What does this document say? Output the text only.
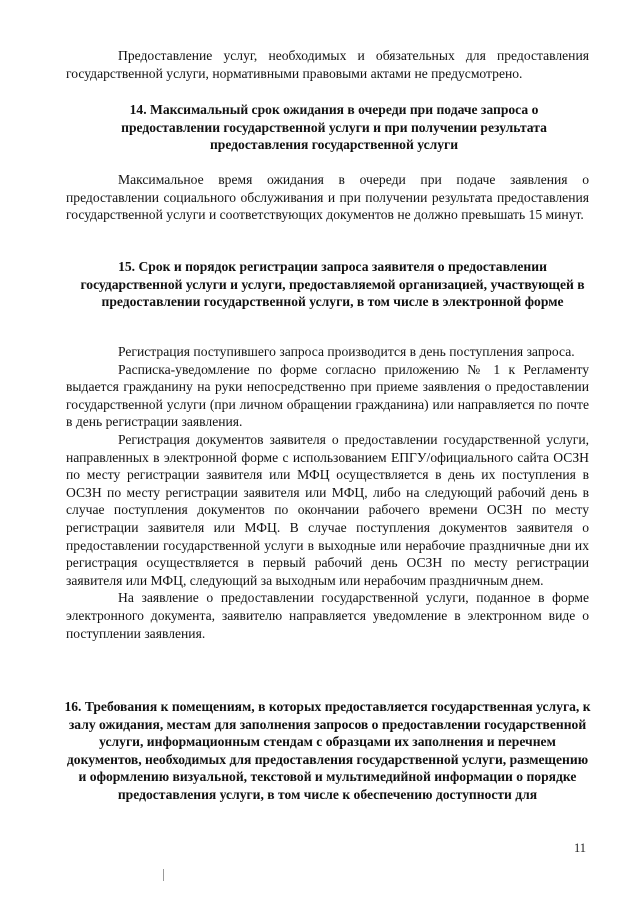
Предоставление услуг, необходимых и обязательных для предоставления государственной услуги, нормативными правовыми актами не предусмотрено.

14. Максимальный срок ожидания в очереди при подаче запроса о предоставлении государственной услуги и при получении результата предоставления государственной услуги

Максимальное время ожидания в очереди при подаче заявления о предоставлении социального обслуживания и при получении результата предоставления государственной услуги и соответствующих документов не должно превышать 15 минут.

15. Срок и порядок регистрации запроса заявителя о предоставлении государственной услуги и услуги, предоставляемой организацией, участвующей в предоставлении государственной услуги, в том числе в электронной форме

Регистрация поступившего запроса производится в день поступления запроса.

Расписка-уведомление по форме согласно приложению № 1 к Регламенту выдается гражданину на руки непосредственно при приеме заявления о предоставлении государственной услуги (при личном обращении гражданина) или направляется по почте в день регистрации заявления.

Регистрация документов заявителя о предоставлении государственной услуги, направленных в электронной форме с использованием ЕПГУ/официального сайта ОСЗН по месту регистрации заявителя или МФЦ осуществляется в день их поступления в ОСЗН по месту регистрации заявителя или МФЦ, либо на следующий рабочий день в случае поступления документов по окончании рабочего времени ОСЗН по месту регистрации заявителя или МФЦ. В случае поступления документов заявителя о предоставлении государственной услуги в выходные или нерабочие праздничные дни их регистрация осуществляется в первый рабочий день ОСЗН по месту регистрации заявителя или МФЦ, следующий за выходным или нерабочим праздничным днем.

На заявление о предоставлении государственной услуги, поданное в форме электронного документа, заявителю направляется уведомление в электронном виде о поступлении заявления.

16. Требования к помещениям, в которых предоставляется государственная услуга, к залу ожидания, местам для заполнения запросов о предоставлении государственной услуги, информационным стендам с образцами их заполнения и перечнем документов, необходимых для предоставления государственной услуги, размещению и оформлению визуальной, текстовой и мультимедийной информации о порядке предоставления услуги, в том числе к обеспечению доступности для
11
